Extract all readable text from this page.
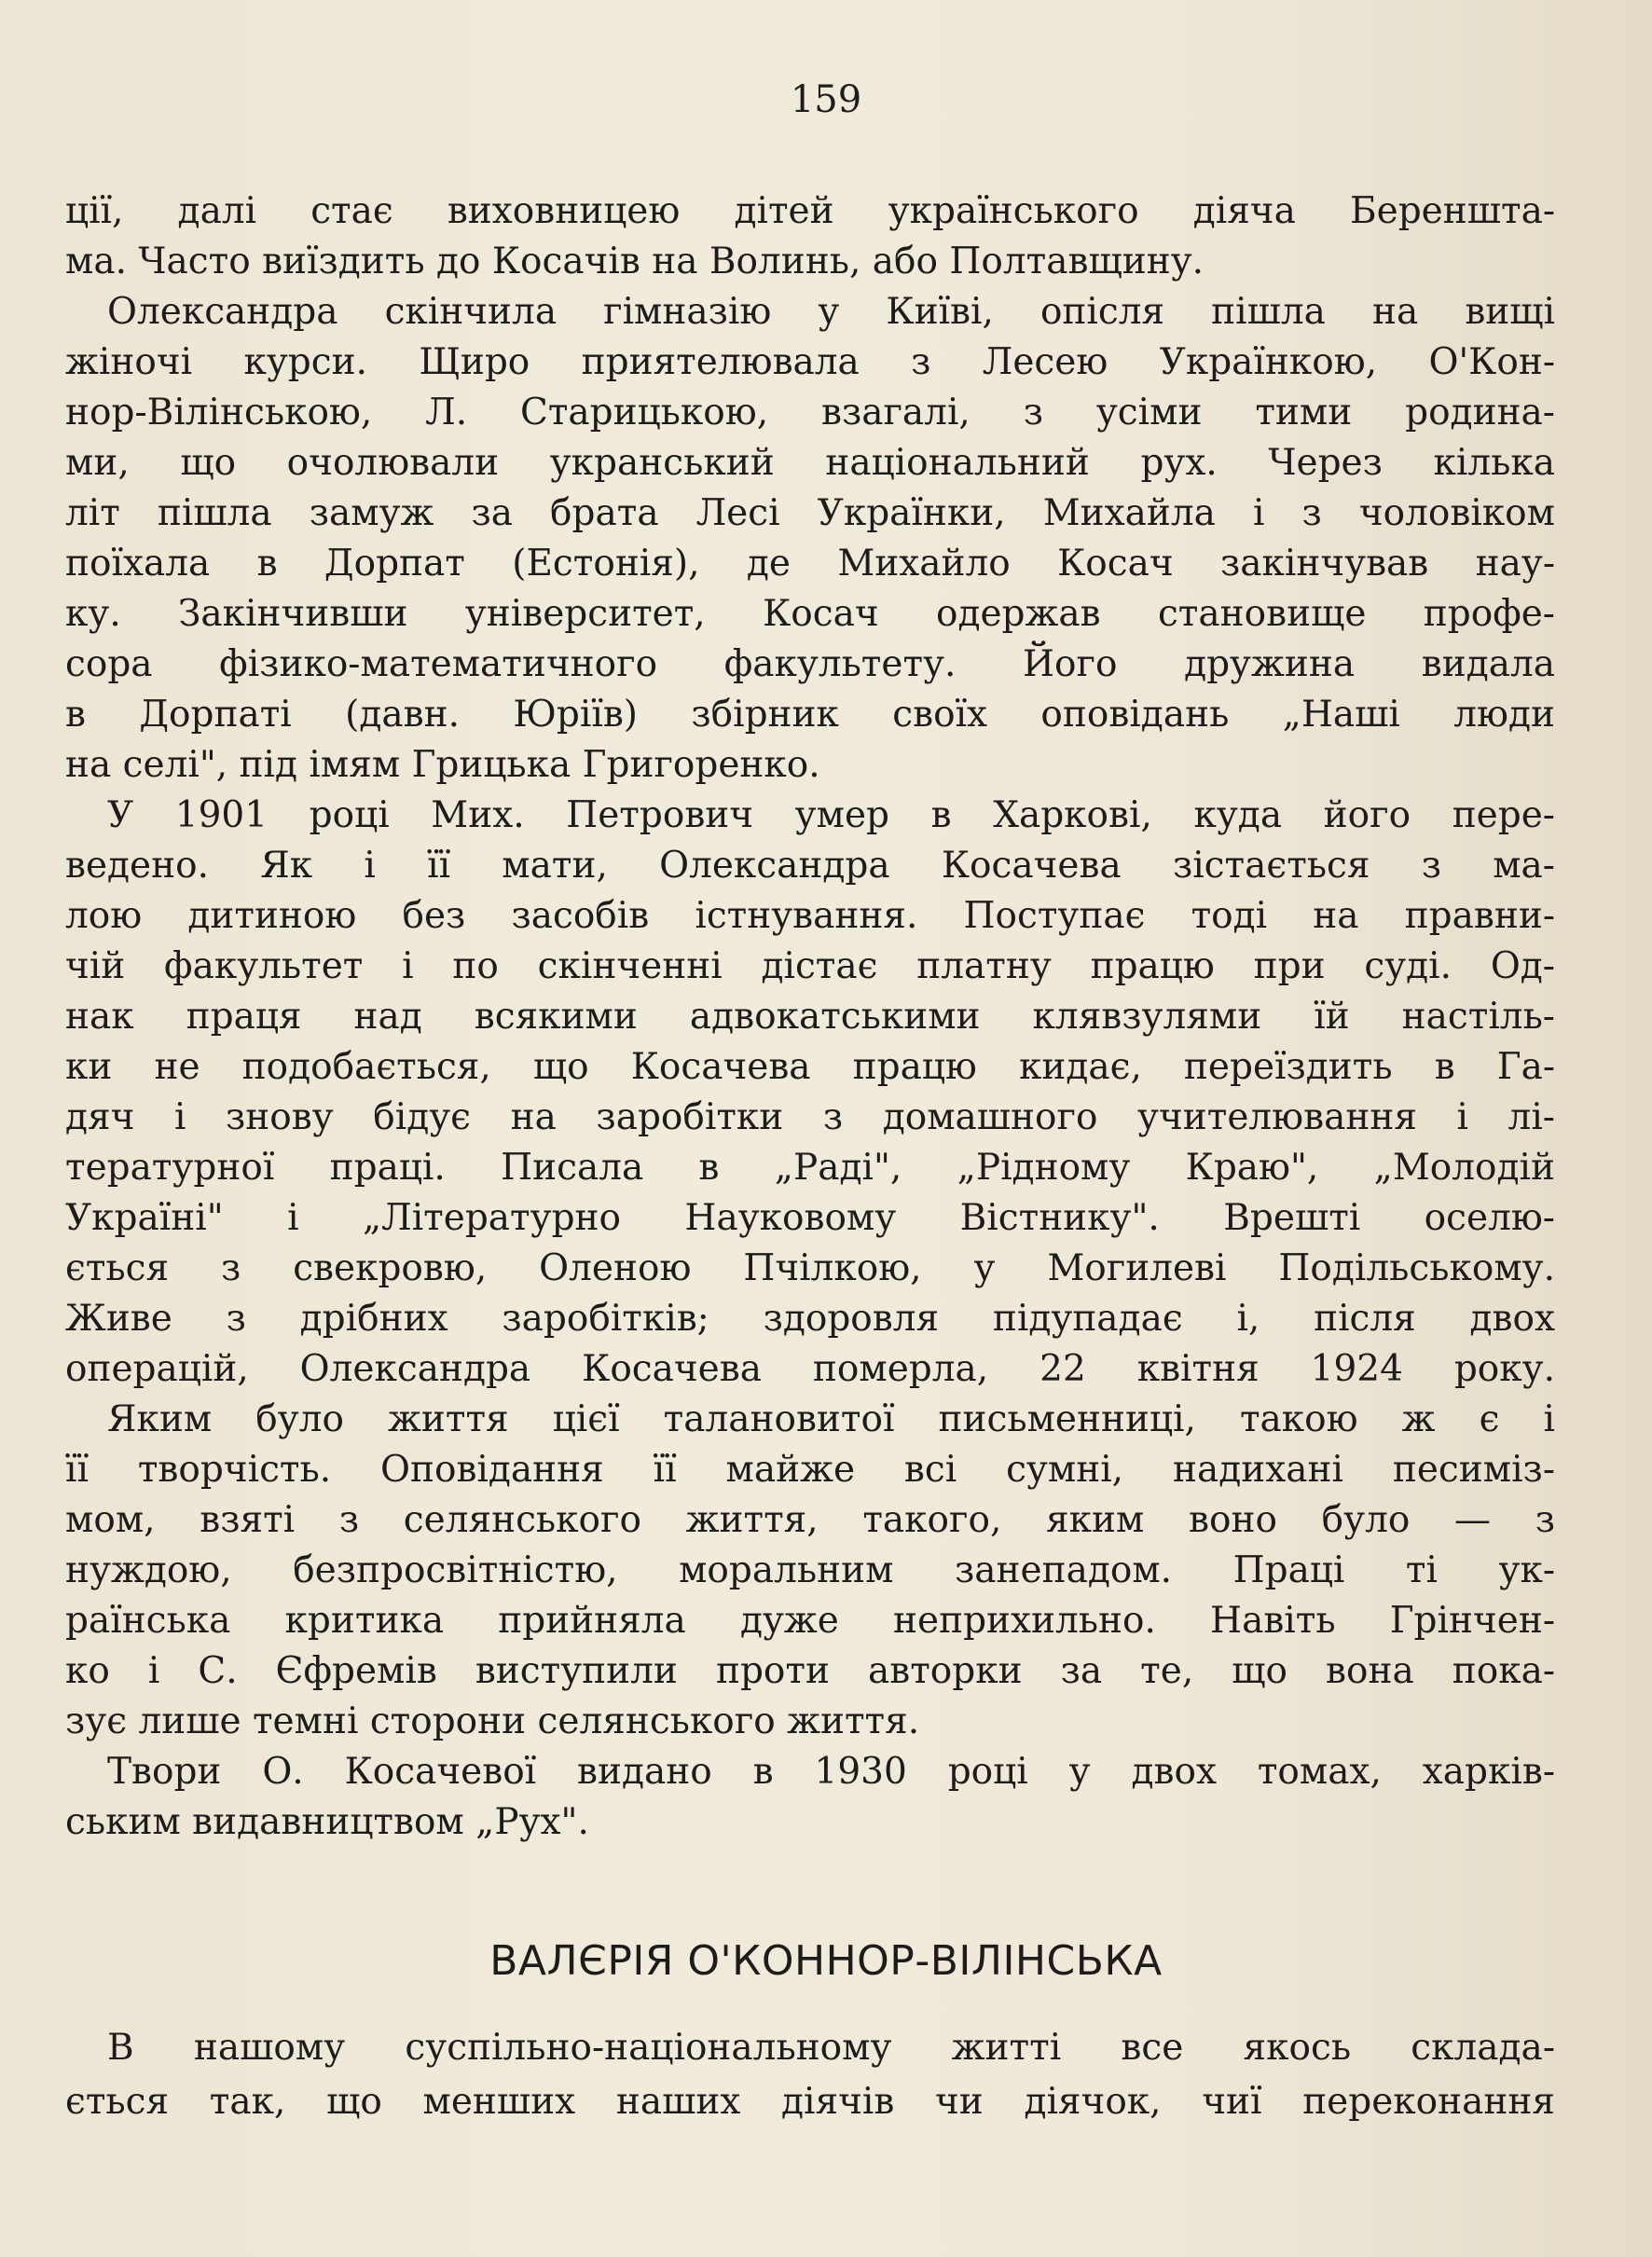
159
ції, далі стає виховницею дітей українського діяча Беренштa-
ма. Часто виїздить до Косачів на Волинь, або Полтавщину.
Олександра скінчила гімназію у Київі, опісля пішла на вищі
жіночі курси. Щиро приятелювала з Лесею Українкою, О'Кон-
нор-Вілінською, Л. Старицькою, взагалі, з усіми тими родина-
ми, що очолювали укранський національний рух. Через кілька
літ пішла замуж за брата Лесі Українки, Михайла і з чоловіком
поїхала в Дорпат (Естонія), де Михайло Косач закінчував нау-
ку. Закінчивши університет, Косач одержав становище профе-
сора фізико-математичного факультету. Його дружина видала
в Дорпаті (давн. Юріїв) збірник своїх оповідань „Наші люди
на селі", під імям Грицька Григоренко.
У 1901 році Мих. Петрович умер в Харкові, куда його пере-
ведено. Як і її мати, Олександра Косачева зістається з ма-
лою дитиною без засобів істнування. Поступає тоді на правни-
чій факультет і по скінченні дістає платну працю при суді. Од-
нак праця над всякими адвокатськими клявзулями їй настіль-
ки не подобається, що Косачева працю кидає, переїздить в Га-
дяч і знову бідує на заробітки з домашного учителювання і лі-
тературної праці. Писала в „Раді", „Рідному Краю", „Молодій
Україні" і „Літературно Науковому Вістнику". Врешті оселю-
ється з свекровю, Оленою Пчілкою, у Могилеві Подільському.
Живе з дрібних заробітків; здоровля підупадає і, після двох
операцій, Олександра Косачева померла, 22 квітня 1924 року.
Яким було життя цієї талановитої письменниці, такою ж є і
її творчість. Оповідання її майже всі сумні, надихані песиміз-
мом, взяті з селянського життя, такого, яким воно було — з
нуждою, безпросвітністю, моральним занепадом. Праці ті ук-
раїнська критика прийняла дуже неприхильно. Навіть Грінчен-
ко і С. Єфремів виступили проти авторки за те, що вона пока-
зує лише темні сторони селянського життя.
Твори О. Косачевої видано в 1930 році у двох томах, харків-
ським видавництвом „Рух".
ВАЛЄРІЯ О'КОННОР-ВІЛІНСЬКА
В нашому суспільно-національному житті все якось склада-
ється так, що менших наших діячів чи діячок, чиї переконання
